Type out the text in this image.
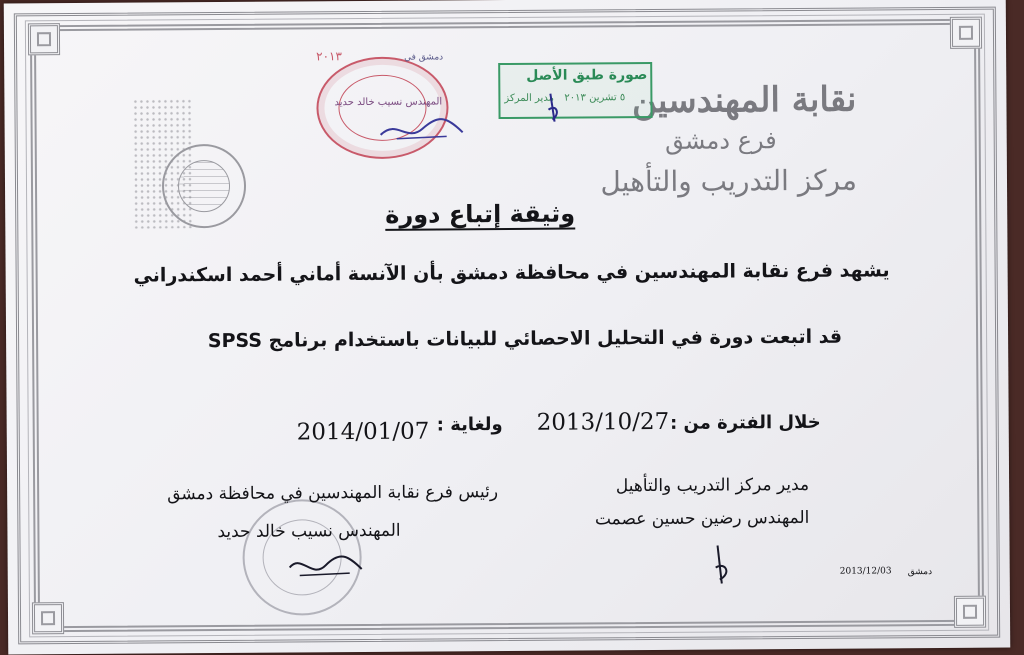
نقابة المهندسين
فرع دمشق
مركز التدريب والتأهيل
دمشق في
٢٠١٣
المهندس نسيب خالد حديد
صورة طبق الأصل
٥ تشرين ٢٠١٣
مدير المركز
وثيقة إتباع دورة
يشهد فرع نقابة المهندسين في محافظة دمشق بأن الآنسة أماني أحمد اسكندراني
قد اتبعت دورة في التحليل الاحصائي للبيانات باستخدام برنامج SPSS
خلال الفترة من :
2013/10/27
ولغاية :
2014/01/07
مدير مركز التدريب والتأهيل
المهندس رضين حسين عصمت
رئيس فرع نقابة المهندسين في محافظة دمشق
المهندس نسيب خالد حديد
دمشق
2013/12/03
